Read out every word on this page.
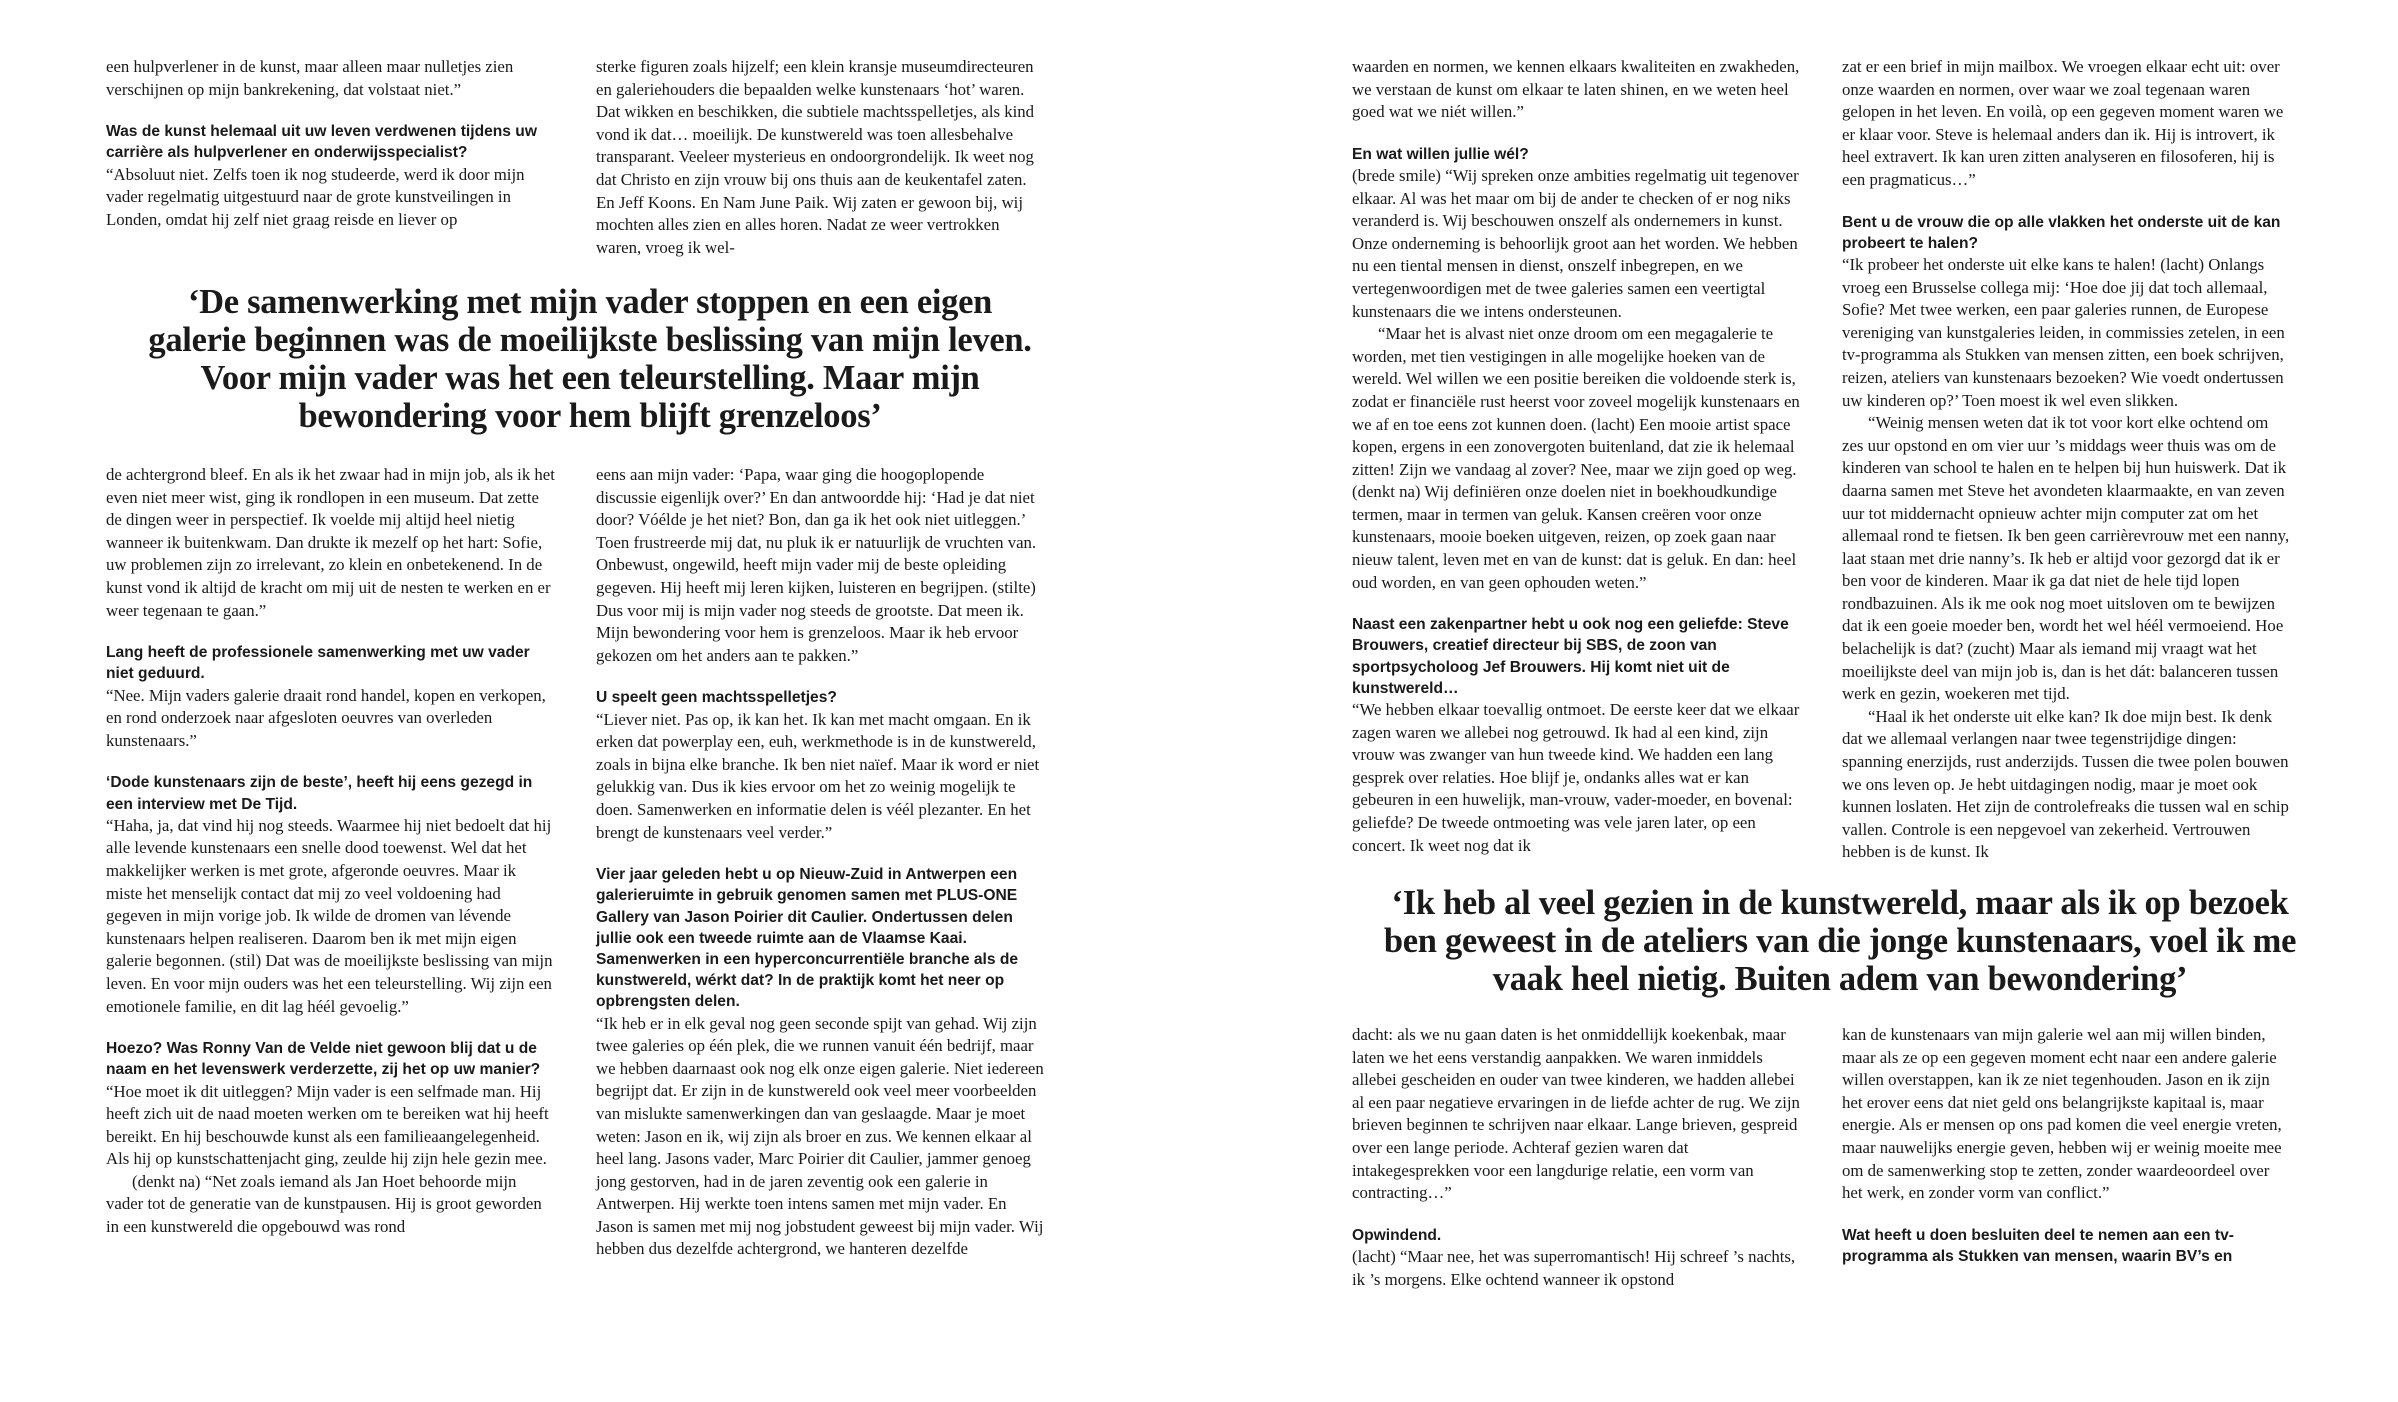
een hulpverlener in de kunst, maar alleen maar nulletjes zien verschijnen op mijn bankrekening, dat volstaat niet.”

Was de kunst helemaal uit uw leven verdwenen tijdens uw carrière als hulpverlener en onderwijsspecialist?

“Absoluut niet. Zelfs toen ik nog studeerde, werd ik door mijn vader regelmatig uitgestuurd naar de grote kunstveilingen in Londen, omdat hij zelf niet graag reisde en liever op

sterke figuren zoals hijzelf; een klein kransje museumdirecteuren en galeriehouders die bepaalden welke kunstenaars ‘hot’ waren. Dat wikken en beschikken, die subtiele machtsspelletjes, als kind vond ik dat… moeilijk. De kunstwereld was toen allesbehalve transparant. Veeleer mysterieus en ondoorgrondelijk. Ik weet nog dat Christo en zijn vrouw bij ons thuis aan de keukentafel zaten. En Jeff Koons. En Nam June Paik. Wij zaten er gewoon bij, wij mochten alles zien en alles horen. Nadat ze weer vertrokken waren, vroeg ik wel-

‘De samenwerking met mijn vader stoppen en een eigen
galerie beginnen was de moeilijkste beslissing van mijn leven.
Voor mijn vader was het een teleurstelling. Maar mijn
bewondering voor hem blijft grenzeloos’

de achtergrond bleef. En als ik het zwaar had in mijn job, als ik het even niet meer wist, ging ik rondlopen in een museum. Dat zette de dingen weer in perspectief. Ik voelde mij altijd heel nietig wanneer ik buitenkwam. Dan drukte ik mezelf op het hart: Sofie, uw problemen zijn zo irrelevant, zo klein en onbetekenend. In de kunst vond ik altijd de kracht om mij uit de nesten te werken en er weer tegenaan te gaan.”

Lang heeft de professionele samenwerking met uw vader niet geduurd.

“Nee. Mijn vaders galerie draait rond handel, kopen en verkopen, en rond onderzoek naar afgesloten oeuvres van overleden kunstenaars.”

‘Dode kunstenaars zijn de beste’, heeft hij eens gezegd in een interview met De Tijd.

“Haha, ja, dat vind hij nog steeds. Waarmee hij niet bedoelt dat hij alle levende kunstenaars een snelle dood toewenst. Wel dat het makkelijker werken is met grote, afgeronde oeuvres. Maar ik miste het menselijk contact dat mij zo veel voldoening had gegeven in mijn vorige job. Ik wilde de dromen van lévende kunstenaars helpen realiseren. Daarom ben ik met mijn eigen galerie begonnen. (stil) Dat was de moeilijkste beslissing van mijn leven. En voor mijn ouders was het een teleurstelling. Wij zijn een emotionele familie, en dit lag héél gevoelig.”

Hoezo? Was Ronny Van de Velde niet gewoon blij dat u de naam en het levenswerk verderzette, zij het op uw manier?

“Hoe moet ik dit uitleggen? Mijn vader is een selfmade man. Hij heeft zich uit de naad moeten werken om te bereiken wat hij heeft bereikt. En hij beschouwde kunst als een familieaangelegenheid. Als hij op kunstschattenjacht ging, zeulde hij zijn hele gezin mee.

(denkt na) “Net zoals iemand als Jan Hoet behoorde mijn vader tot de generatie van de kunstpausen. Hij is groot geworden in een kunstwereld die opgebouwd was rond

eens aan mijn vader: ‘Papa, waar ging die hoogoplopende discussie eigenlijk over?’ En dan antwoordde hij: ‘Had je dat niet door? Vóélde je het niet? Bon, dan ga ik het ook niet uitleggen.’ Toen frustreerde mij dat, nu pluk ik er natuurlijk de vruchten van. Onbewust, ongewild, heeft mijn vader mij de beste opleiding gegeven. Hij heeft mij leren kijken, luisteren en begrijpen. (stilte) Dus voor mij is mijn vader nog steeds de grootste. Dat meen ik. Mijn bewondering voor hem is grenzeloos. Maar ik heb ervoor gekozen om het anders aan te pakken.”

U speelt geen machtsspelletjes?

“Liever niet. Pas op, ik kan het. Ik kan met macht omgaan. En ik erken dat powerplay een, euh, werkmethode is in de kunstwereld, zoals in bijna elke branche. Ik ben niet naïef. Maar ik word er niet gelukkig van. Dus ik kies ervoor om het zo weinig mogelijk te doen. Samenwerken en informatie delen is véél plezanter. En het brengt de kunstenaars veel verder.”

Vier jaar geleden hebt u op Nieuw-Zuid in Antwerpen een galerieruimte in gebruik genomen samen met PLUS-ONE Gallery van Jason Poirier dit Caulier. Ondertussen delen jullie ook een tweede ruimte aan de Vlaamse Kaai. Samenwerken in een hyperconcurrentiële branche als de kunstwereld, wérkt dat? In de praktijk komt het neer op opbrengsten delen.

“Ik heb er in elk geval nog geen seconde spijt van gehad. Wij zijn twee galeries op één plek, die we runnen vanuit één bedrijf, maar we hebben daarnaast ook nog elk onze eigen galerie. Niet iedereen begrijpt dat. Er zijn in de kunstwereld ook veel meer voorbeelden van mislukte samenwerkingen dan van geslaagde. Maar je moet weten: Jason en ik, wij zijn als broer en zus. We kennen elkaar al heel lang. Jasons vader, Marc Poirier dit Caulier, jammer genoeg jong gestorven, had in de jaren zeventig ook een galerie in Antwerpen. Hij werkte toen intens samen met mijn vader. En Jason is samen met mij nog jobstudent geweest bij mijn vader. Wij hebben dus dezelfde achtergrond, we hanteren dezelfde

waarden en normen, we kennen elkaars kwaliteiten en zwakheden, we verstaan de kunst om elkaar te laten shinen, en we weten heel goed wat we niét willen.”

En wat willen jullie wél?

(brede smile) “Wij spreken onze ambities regelmatig uit tegenover elkaar. Al was het maar om bij de ander te checken of er nog niks veranderd is. Wij beschouwen onszelf als ondernemers in kunst. Onze onderneming is behoorlijk groot aan het worden. We hebben nu een tiental mensen in dienst, onszelf inbegrepen, en we vertegenwoordigen met de twee galeries samen een veertigtal kunstenaars die we intens ondersteunen.

“Maar het is alvast niet onze droom om een megagalerie te worden, met tien vestigingen in alle mogelijke hoeken van de wereld. Wel willen we een positie bereiken die voldoende sterk is, zodat er financiële rust heerst voor zoveel mogelijk kunstenaars en we af en toe eens zot kunnen doen. (lacht) Een mooie artist space kopen, ergens in een zonovergoten buitenland, dat zie ik helemaal zitten! Zijn we vandaag al zover? Nee, maar we zijn goed op weg. (denkt na) Wij definiëren onze doelen niet in boekhoudkundige termen, maar in termen van geluk. Kansen creëren voor onze kunstenaars, mooie boeken uitgeven, reizen, op zoek gaan naar nieuw talent, leven met en van de kunst: dat is geluk. En dan: heel oud worden, en van geen ophouden weten.”

Naast een zakenpartner hebt u ook nog een geliefde: Steve Brouwers, creatief directeur bij SBS, de zoon van sportpsycholoog Jef Brouwers. Hij komt niet uit de kunstwereld…

“We hebben elkaar toevallig ontmoet. De eerste keer dat we elkaar zagen waren we allebei nog getrouwd. Ik had al een kind, zijn vrouw was zwanger van hun tweede kind. We hadden een lang gesprek over relaties. Hoe blijf je, ondanks alles wat er kan gebeuren in een huwelijk, man-vrouw, vader-moeder, en bovenal: geliefde? De tweede ontmoeting was vele jaren later, op een concert. Ik weet nog dat ik

zat er een brief in mijn mailbox. We vroegen elkaar echt uit: over onze waarden en normen, over waar we zoal tegenaan waren gelopen in het leven. En voilà, op een gegeven moment waren we er klaar voor. Steve is helemaal anders dan ik. Hij is introvert, ik heel extravert. Ik kan uren zitten analyseren en filosoferen, hij is een pragmaticus…”

Bent u de vrouw die op alle vlakken het onderste uit de kan probeert te halen?

“Ik probeer het onderste uit elke kans te halen! (lacht) Onlangs vroeg een Brusselse collega mij: ‘Hoe doe jij dat toch allemaal, Sofie? Met twee werken, een paar galeries runnen, de Europese vereniging van kunstgaleries leiden, in commissies zetelen, in een tv-programma als Stukken van mensen zitten, een boek schrijven, reizen, ateliers van kunstenaars bezoeken? Wie voedt ondertussen uw kinderen op?’ Toen moest ik wel even slikken.

“Weinig mensen weten dat ik tot voor kort elke ochtend om zes uur opstond en om vier uur ’s middags weer thuis was om de kinderen van school te halen en te helpen bij hun huiswerk. Dat ik daarna samen met Steve het avondeten klaarmaakte, en van zeven uur tot middernacht opnieuw achter mijn computer zat om het allemaal rond te fietsen. Ik ben geen carrièrevrouw met een nanny, laat staan met drie nanny’s. Ik heb er altijd voor gezorgd dat ik er ben voor de kinderen. Maar ik ga dat niet de hele tijd lopen rondbazuinen. Als ik me ook nog moet uitsloven om te bewijzen dat ik een goeie moeder ben, wordt het wel héél vermoeiend. Hoe belachelijk is dat? (zucht) Maar als iemand mij vraagt wat het moeilijkste deel van mijn job is, dan is het dát: balanceren tussen werk en gezin, woekeren met tijd.

“Haal ik het onderste uit elke kan? Ik doe mijn best. Ik denk dat we allemaal verlangen naar twee tegenstrijdige dingen: spanning enerzijds, rust anderzijds. Tussen die twee polen bouwen we ons leven op. Je hebt uitdagingen nodig, maar je moet ook kunnen loslaten. Het zijn de controlefreaks die tussen wal en schip vallen. Controle is een nepgevoel van zekerheid. Vertrouwen hebben is de kunst. Ik

‘Ik heb al veel gezien in de kunstwereld, maar als ik op bezoek
ben geweest in de ateliers van die jonge kunstenaars, voel ik me
vaak heel nietig. Buiten adem van bewondering’

dacht: als we nu gaan daten is het onmiddellijk koekenbak, maar laten we het eens verstandig aanpakken. We waren inmiddels allebei gescheiden en ouder van twee kinderen, we hadden allebei al een paar negatieve ervaringen in de liefde achter de rug. We zijn brieven beginnen te schrijven naar elkaar. Lange brieven, gespreid over een lange periode. Achteraf gezien waren dat intakegesprekken voor een langdurige relatie, een vorm van contracting…”

Opwindend.

(lacht) “Maar nee, het was superromantisch! Hij schreef ’s nachts, ik ’s morgens. Elke ochtend wanneer ik opstond

kan de kunstenaars van mijn galerie wel aan mij willen binden, maar als ze op een gegeven moment echt naar een andere galerie willen overstappen, kan ik ze niet tegenhouden. Jason en ik zijn het erover eens dat niet geld ons belangrijkste kapitaal is, maar energie. Als er mensen op ons pad komen die veel energie vreten, maar nauwelijks energie geven, hebben wij er weinig moeite mee om de samenwerking stop te zetten, zonder waardeoordeel over het werk, en zonder vorm van conflict.”

Wat heeft u doen besluiten deel te nemen aan een tv-programma als Stukken van mensen, waarin BV’s en
